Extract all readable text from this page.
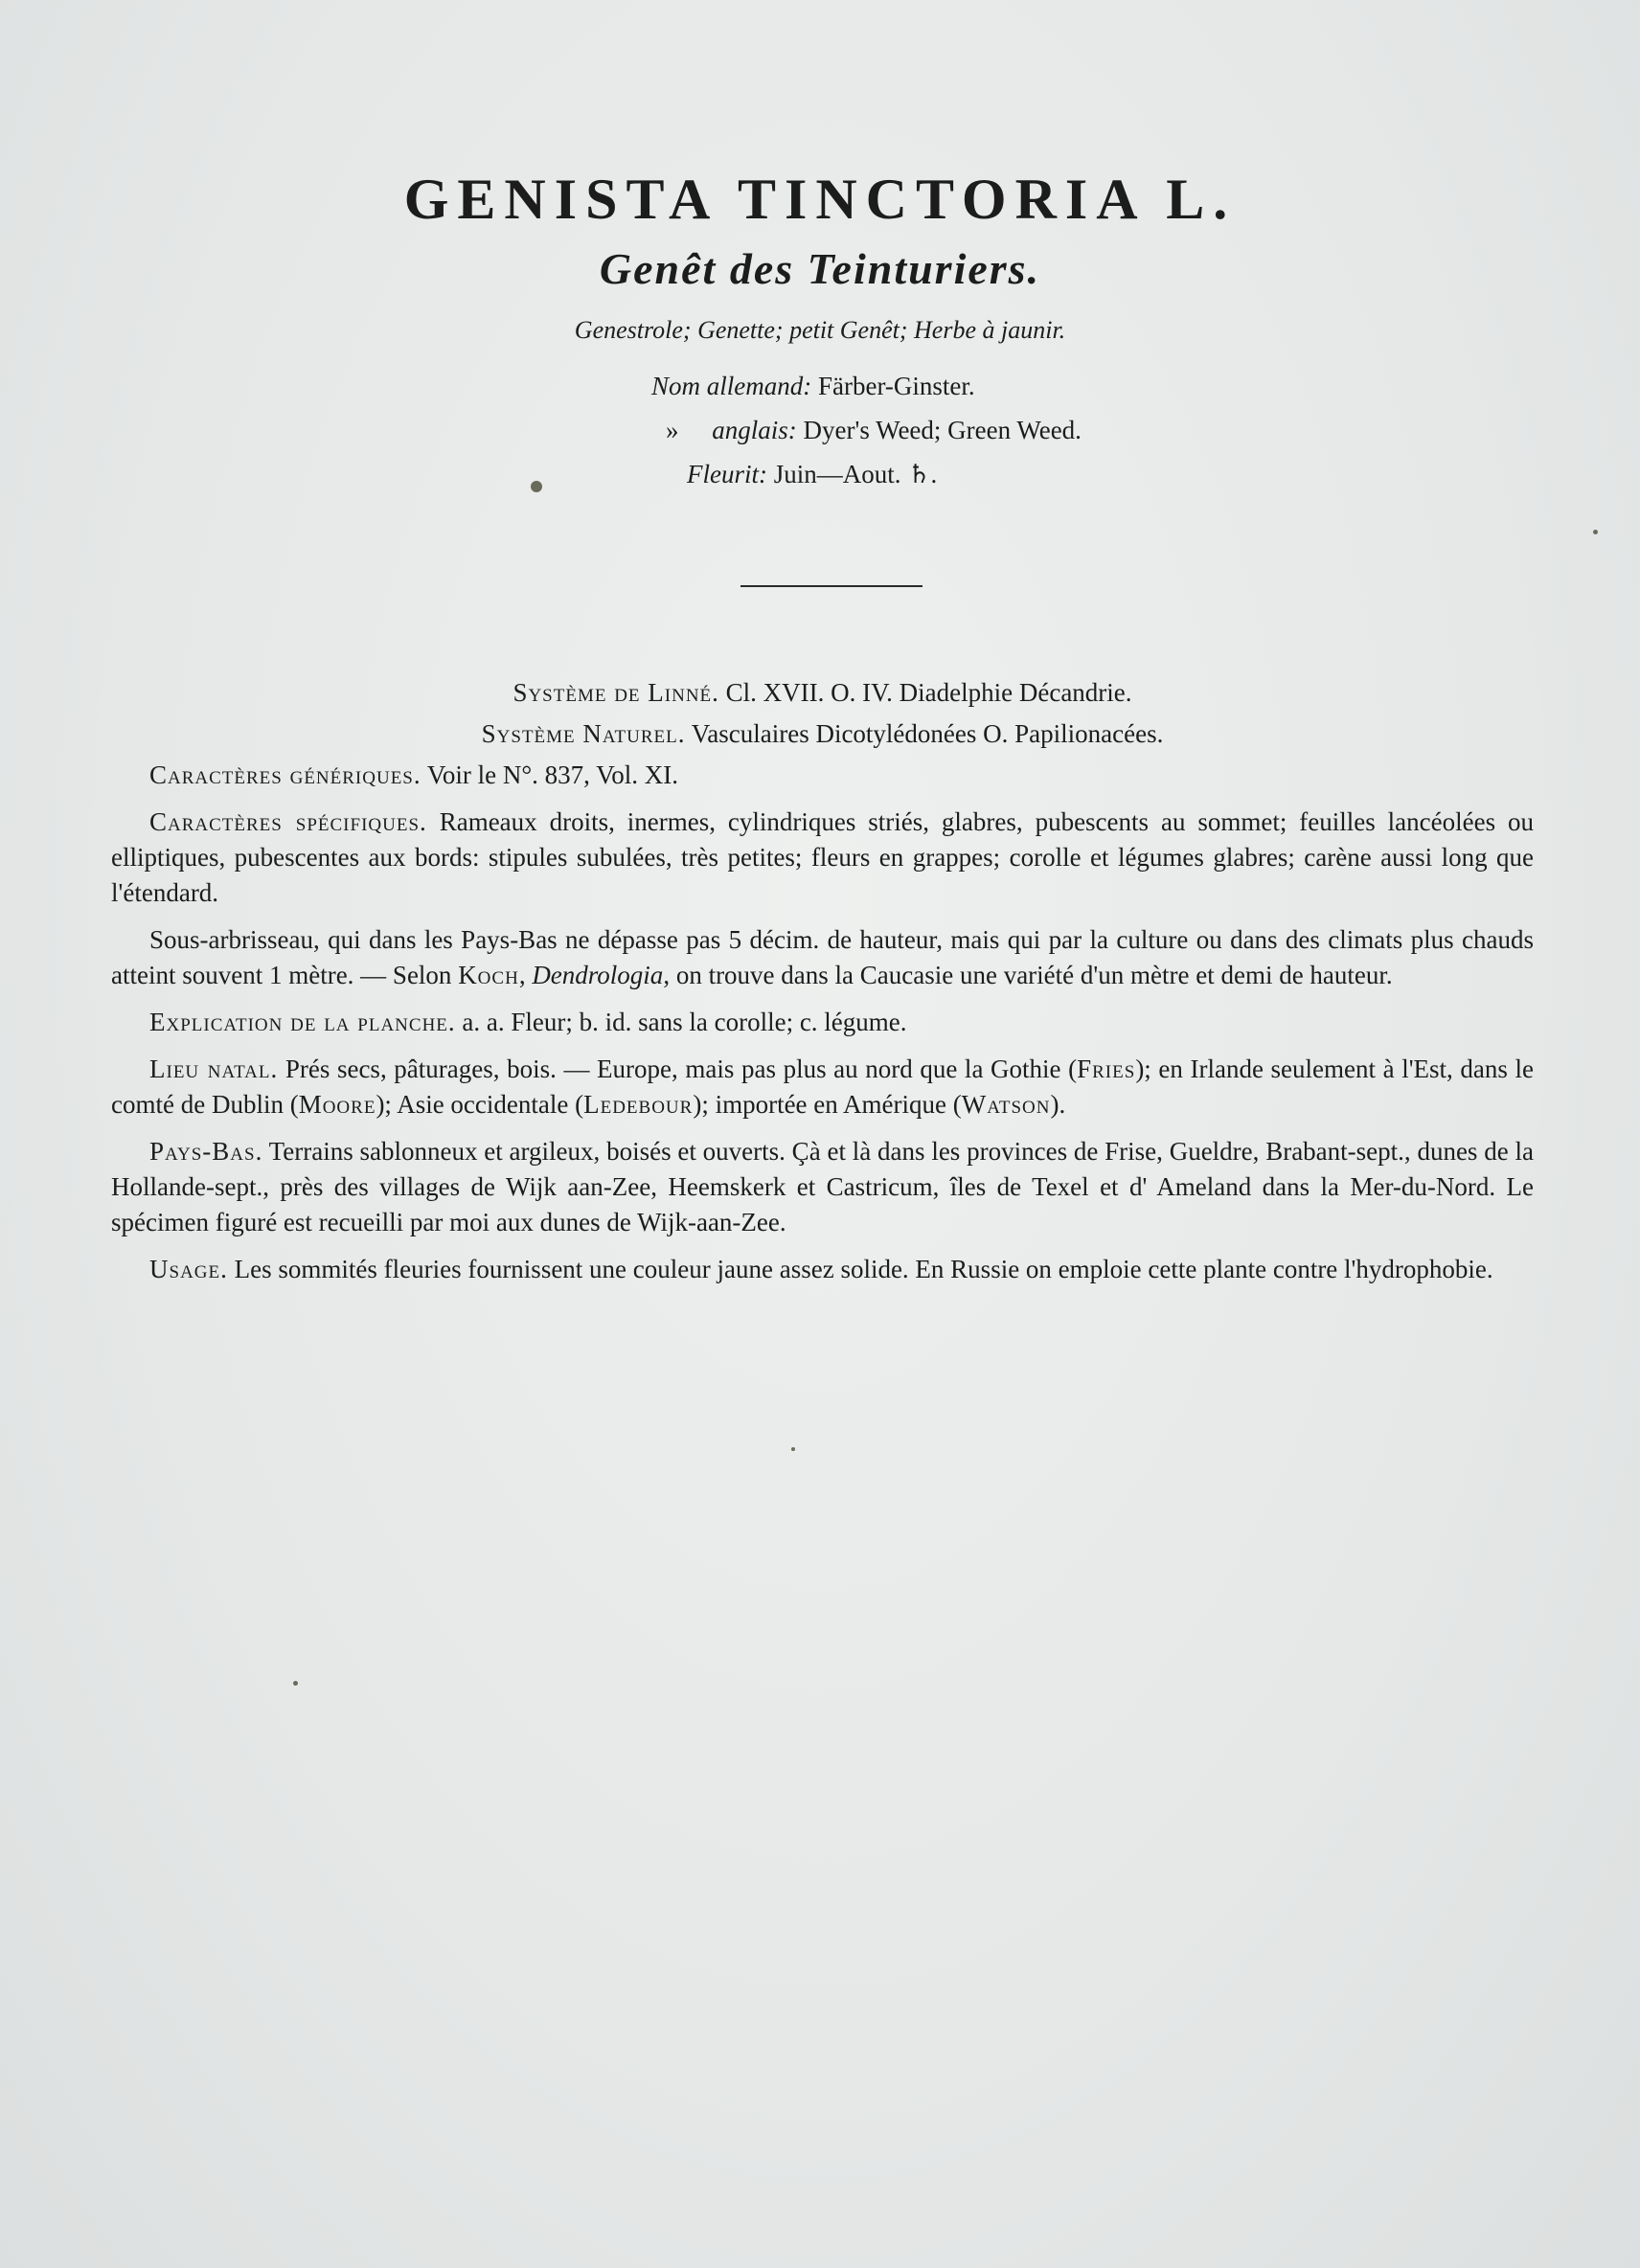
GENISTA TINCTORIA L.
Genêt des Teinturiers.
Genestrole; Genette; petit Genêt; Herbe à jaunir.
Nom allemand: Färber-Ginster.
» anglais: Dyer's Weed; Green Weed.
Fleurit: Juin—Aout. ♄.

Système de Linné. Cl. XVII. O. IV. Diadelphie Décandrie.

Système Naturel. Vasculaires Dicotylédonées O. Papilionacées.

Caractères génériques. Voir le N°. 837, Vol. XI.

Caractères spécifiques. Rameaux droits, inermes, cylindriques striés, glabres, pubescents au sommet; feuilles lancéolées ou elliptiques, pubescentes aux bords: stipules subulées, très petites; fleurs en grappes; corolle et légumes glabres; carène aussi long que l'étendard.

Sous-arbrisseau, qui dans les Pays-Bas ne dépasse pas 5 décim. de hauteur, mais qui par la culture ou dans des climats plus chauds atteint souvent 1 mètre. — Selon Koch, Dendrologia, on trouve dans la Caucasie une variété d'un mètre et demi de hauteur.

Explication de la planche. a. a. Fleur; b. id. sans la corolle; c. légume.

Lieu natal. Prés secs, pâturages, bois. — Europe, mais pas plus au nord que la Gothie (Fries); en Irlande seulement à l'Est, dans le comté de Dublin (Moore); Asie occidentale (Ledebour); importée en Amérique (Watson).

Pays-Bas. Terrains sablonneux et argileux, boisés et ouverts. Çà et là dans les provinces de Frise, Gueldre, Brabant-sept., dunes de la Hollande-sept., près des villages de Wijk aan-Zee, Heemskerk et Castricum, îles de Texel et d' Ameland dans la Mer-du-Nord. Le spécimen figuré est recueilli par moi aux dunes de Wijk-aan-Zee.

Usage. Les sommités fleuries fournissent une couleur jaune assez solide. En Russie on emploie cette plante contre l'hydrophobie.
